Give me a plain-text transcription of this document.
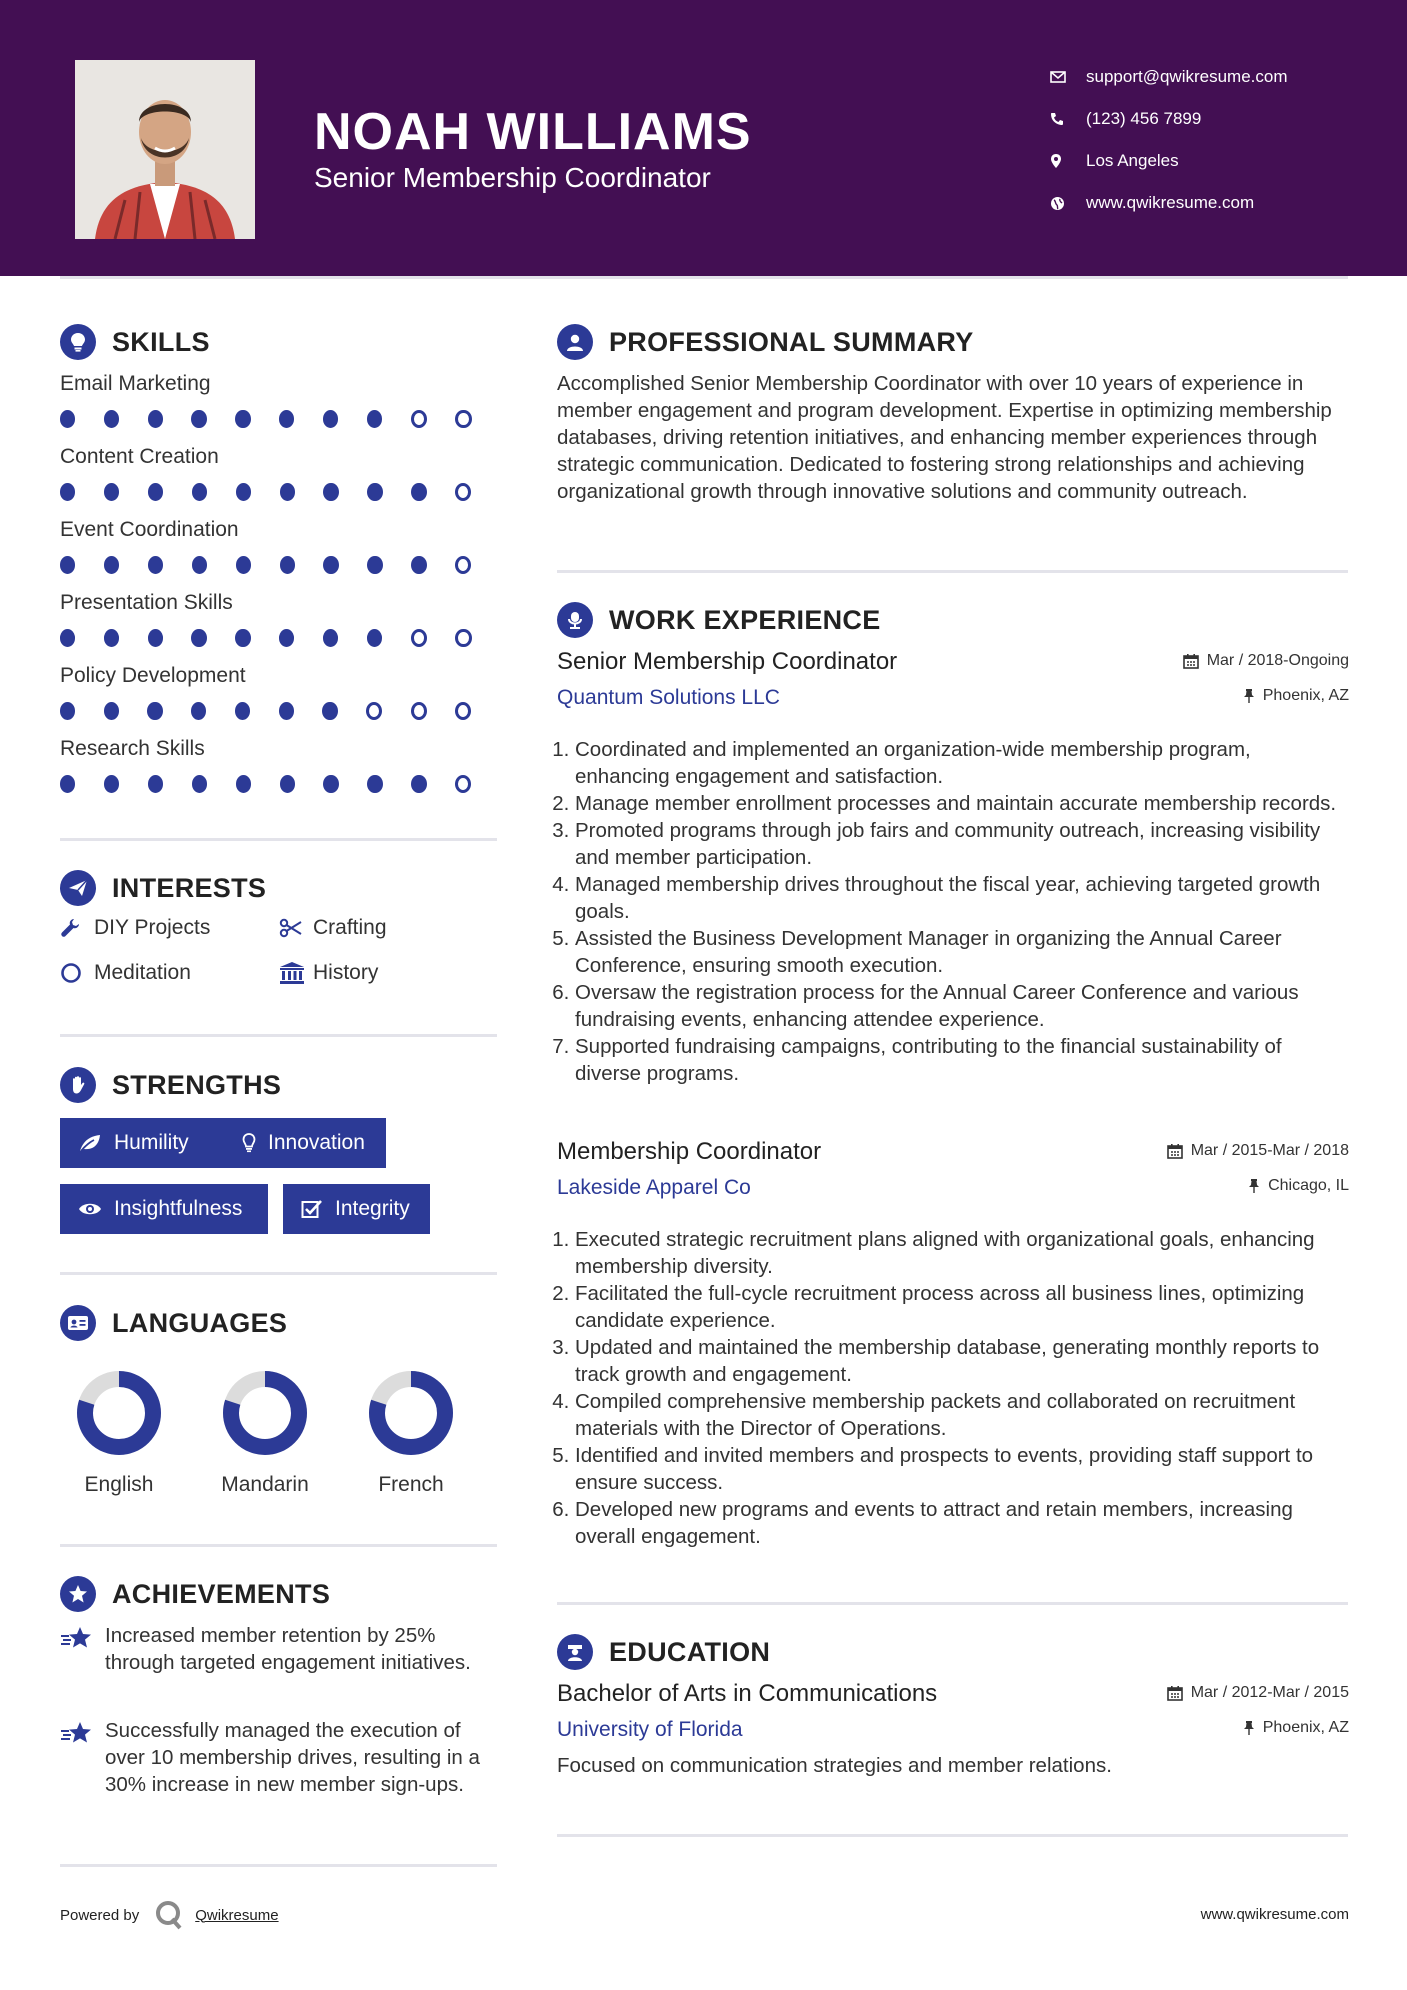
NOAH WILLIAMS
Senior Membership Coordinator
support@qwikresume.com
(123) 456 7899
Los Angeles
www.qwikresume.com
SKILLS
Email Marketing
Content Creation
Event Coordination
Presentation Skills
Policy Development
Research Skills
INTERESTS
DIY Projects	Crafting
Meditation	History
STRENGTHS
Humility	Innovation
Insightfulness	Integrity
LANGUAGES
English	Mandarin	French
ACHIEVEMENTS
Increased member retention by 25% through targeted engagement initiatives.
Successfully managed the execution of over 10 membership drives, resulting in a 30% increase in new member sign-ups.
PROFESSIONAL SUMMARY
Accomplished Senior Membership Coordinator with over 10 years of experience in member engagement and program development. Expertise in optimizing membership databases, driving retention initiatives, and enhancing member experiences through strategic communication. Dedicated to fostering strong relationships and achieving organizational growth through innovative solutions and community outreach.
WORK EXPERIENCE
Senior Membership Coordinator	Mar / 2018-Ongoing
Quantum Solutions LLC	Phoenix, AZ
1. Coordinated and implemented an organization-wide membership program, enhancing engagement and satisfaction.
2. Manage member enrollment processes and maintain accurate membership records.
3. Promoted programs through job fairs and community outreach, increasing visibility and member participation.
4. Managed membership drives throughout the fiscal year, achieving targeted growth goals.
5. Assisted the Business Development Manager in organizing the Annual Career Conference, ensuring smooth execution.
6. Oversaw the registration process for the Annual Career Conference and various fundraising events, enhancing attendee experience.
7. Supported fundraising campaigns, contributing to the financial sustainability of diverse programs.
Membership Coordinator	Mar / 2015-Mar / 2018
Lakeside Apparel Co	Chicago, IL
1. Executed strategic recruitment plans aligned with organizational goals, enhancing membership diversity.
2. Facilitated the full-cycle recruitment process across all business lines, optimizing candidate experience.
3. Updated and maintained the membership database, generating monthly reports to track growth and engagement.
4. Compiled comprehensive membership packets and collaborated on recruitment materials with the Director of Operations.
5. Identified and invited members and prospects to events, providing staff support to ensure success.
6. Developed new programs and events to attract and retain members, increasing overall engagement.
EDUCATION
Bachelor of Arts in Communications	Mar / 2012-Mar / 2015
University of Florida	Phoenix, AZ
Focused on communication strategies and member relations.
Powered by	Qwikresume	www.qwikresume.com
